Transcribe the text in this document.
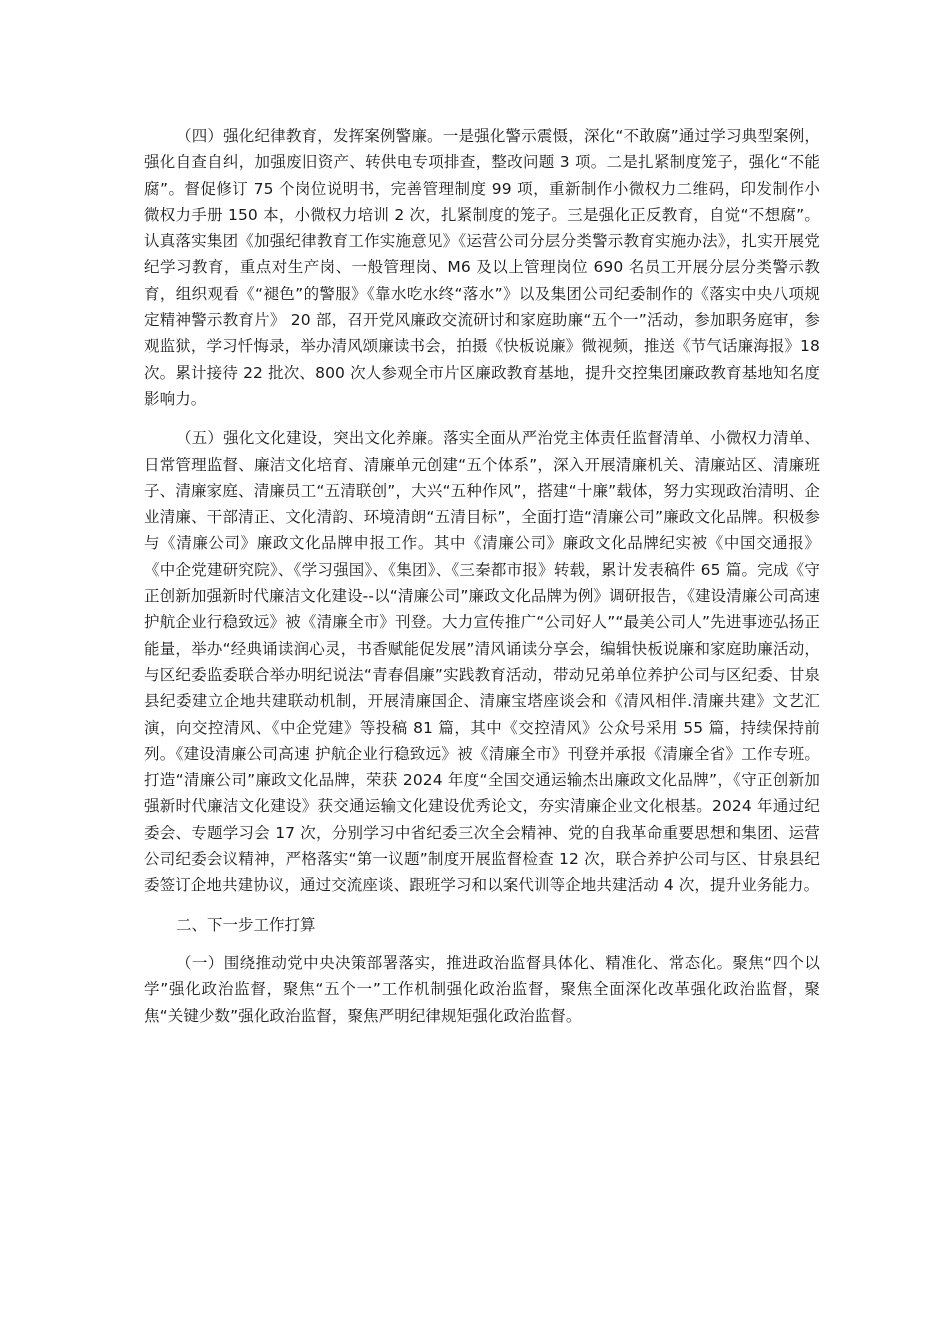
（四）强化纪律教育，发挥案例警廉。一是强化警示震慑，深化“不敢腐”通过学习典型案例，强化自查自纠，加强废旧资产、转供电专项排查，整改问题 3 项。二是扎紧制度笼子，强化“不能腐”。督促修订 75 个岗位说明书，完善管理制度 99 项，重新制作小微权力二维码，印发制作小微权力手册 150 本，小微权力培训 2 次，扎紧制度的笼子。三是强化正反教育，自觉“不想腐”。认真落实集团《加强纪律教育工作实施意见》《运营公司分层分类警示教育实施办法》，扎实开展党纪学习教育，重点对生产岗、一般管理岗、M6 及以上管理岗位 690 名员工开展分层分类警示教育，组织观看《“褪色”的警服》《靠水吃水终“落水”》以及集团公司纪委制作的《落实中央八项规定精神警示教育片》 20 部，召开党风廉政交流研讨和家庭助廉“五个一”活动，参加职务庭审，参观监狱，学习忏悔录，举办清风颂廉读书会，拍摄《快板说廉》微视频，推送《节气话廉海报》18 次。累计接待 22 批次、800 次人参观全市片区廉政教育基地，提升交控集团廉政教育基地知名度影响力。

（五）强化文化建设，突出文化养廉。落实全面从严治党主体责任监督清单、小微权力清单、日常管理监督、廉洁文化培育、清廉单元创建“五个体系”，深入开展清廉机关、清廉站区、清廉班子、清廉家庭、清廉员工“五清联创”，大兴“五种作风”，搭建“十廉”载体，努力实现政治清明、企业清廉、干部清正、文化清韵、环境清朗“五清目标”，全面打造“清廉公司”廉政文化品牌。积极参与《清廉公司》廉政文化品牌申报工作。其中《清廉公司》廉政文化品牌纪实被《中国交通报》《中企党建研究院》、《学习强国》、《集团》、《三秦都市报》转载，累计发表稿件 65 篇。完成《守正创新加强新时代廉洁文化建设--以“清廉公司”廉政文化品牌为例》调研报告，《建设清廉公司高速 护航企业行稳致远》被《清廉全市》刊登。大力宣传推广“公司好人”“最美公司人”先进事迹弘扬正能量，举办“经典诵读润心灵，书香赋能促发展”清风诵读分享会，编辑快板说廉和家庭助廉活动，与区纪委监委联合举办明纪说法“青春倡廉”实践教育活动，带动兄弟单位养护公司与区纪委、甘泉县纪委建立企地共建联动机制，开展清廉国企、清廉宝塔座谈会和《清风相伴.清廉共建》文艺汇演，向交控清风、《中企党建》等投稿 81 篇，其中《交控清风》公众号采用 55 篇，持续保持前列。《建设清廉公司高速 护航企业行稳致远》被《清廉全市》刊登并承报《清廉全省》工作专班。打造“清廉公司”廉政文化品牌，荣获 2024 年度“全国交通运输杰出廉政文化品牌”，《守正创新加强新时代廉洁文化建设》获交通运输文化建设优秀论文，夯实清廉企业文化根基。2024 年通过纪委会、专题学习会 17 次，分别学习中省纪委三次全会精神、党的自我革命重要思想和集团、运营公司纪委会议精神，严格落实“第一议题”制度开展监督检查 12 次，联合养护公司与区、甘泉县纪委签订企地共建协议，通过交流座谈、跟班学习和以案代训等企地共建活动 4 次，提升业务能力。

二、下一步工作打算

（一）围绕推动党中央决策部署落实，推进政治监督具体化、精准化、常态化。聚焦“四个以学”强化政治监督，聚焦“五个一”工作机制强化政治监督，聚焦全面深化改革强化政治监督，聚焦“关键少数”强化政治监督，聚焦严明纪律规矩强化政治监督。
